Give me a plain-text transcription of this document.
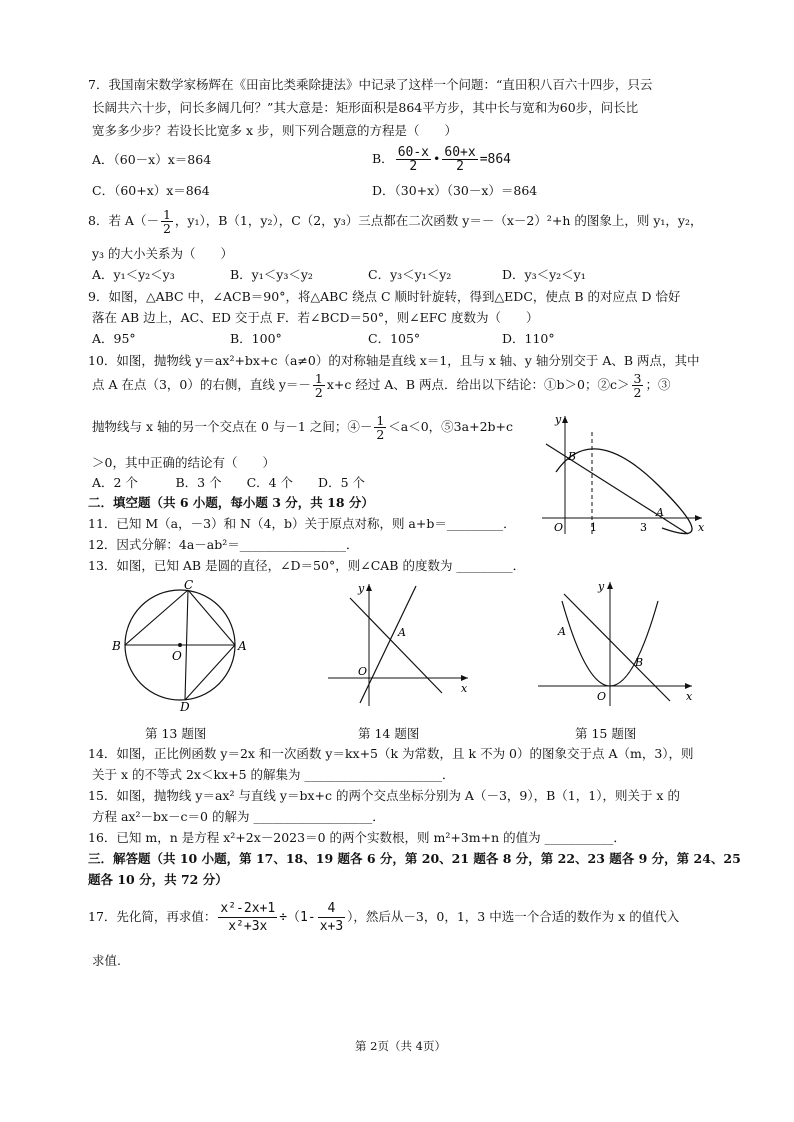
7．我国南宋数学家杨辉在《田亩比类乘除捷法》中记录了这样一个问题：“直田积八百六十四步，只云
长阔共六十步，问长多阔几何？”其大意是：矩形面积是864平方步，其中长与宽和为60步，问长比
宽多多少步？若设长比宽多 x 步，则下列合题意的方程是（　　）
A．（60－x）x＝864	B． $\frac{60-x}{2}$ • $\frac{60+x}{2} =864$
C．（60+x）x＝864	D．（30+x）（30－x）＝864
8．若 $A(- \frac{1}{2}$ ，y₁），B（1，y₂），C（2，y₃）三点都在二次函数 y＝－（x－2）²+h 的图象上，则 y₁，y₂，
y₃ 的大小关系为（　　）
A．y₁＜y₂＜y₃	B．y₁＜y₃＜y₂	C．y₃＜y₁＜y₂	D．y₃＜y₂＜y₁
9．如图，△ABC 中，∠ACB＝90°，将△ABC 绕点 C 顺时针旋转，得到△EDC，使点 B 的对应点 D 恰好
落在 AB 边上，AC、ED 交于点 F．若∠BCD＝50°，则∠EFC 度数为（　　）
A．95°	B．100°	C．105°	D．110°
10．如图，抛物线 y＝ax²+bx+c（a≠0）的对称轴是直线 x＝1，且与 x 轴、y 轴分别交于 A、B 两点，其中
点 A 在点（3，0）的右侧，直线 $y=- \frac{1}{2} x+c$ 经过 A、B 两点．给出以下结论：①b＞0；②c＞ $\frac{3}{2}$ ；③
抛物线与 x 轴的另一个交点在 0 与－1 之间；④－ $\frac{1}{2} <a<0$，⑤3a+2b+c
＞0，其中正确的结论有（　　）
A．2 个　　　B．3 个　　C．4 个　　D．5 个
x
y
O 1	3
A
B
二．填空题（共 6 小题，每小题 3 分，共 18 分）
11．已知 M（a，－3）和 N（4，b）关于原点对称，则 a+b＝_________．
12．因式分解：4a－ab²＝_________________．
13．如图，已知 AB 是圆的直径，∠D＝50°，则∠CAB 的度数为 _________．
C
B
O
A
D
x
y
O
A
x
y
O
A
B
第 13 题图	第 14 题图	第 15 题图
14．如图，正比例函数 y＝2x 和一次函数 y＝kx+5（k 为常数，且 k 不为 0）的图象交于点 A（m，3），则
关于 x 的不等式 2x＜kx+5 的解集为 ______________________．
15．如图，抛物线 y＝ax² 与直线 y＝bx+c 的两个交点坐标分别为 A（－3，9），B（1，1），则关于 x 的
方程 ax²－bx－c＝0 的解为 ___________________．
16．已知 m，n 是方程 x²+2x－2023＝0 的两个实数根，则 m²+3m+n 的值为 ___________．
三．解答题（共 10 小题，第 17、18、19 题各 6 分，第 20、21 题各 8 分，第 22、23 题各 9 分，第 24、25
题各 10 分，共 72 分）
17．先化简，再求值： $\frac{\text{x²-2x+1}}{\text{x²+3x}} \div(1- \frac{4}{x+3}$ ），然后从－3，0，1，3 中选一个合适的数作为 x 的值代入
求值.
第 2页（共 4页）
